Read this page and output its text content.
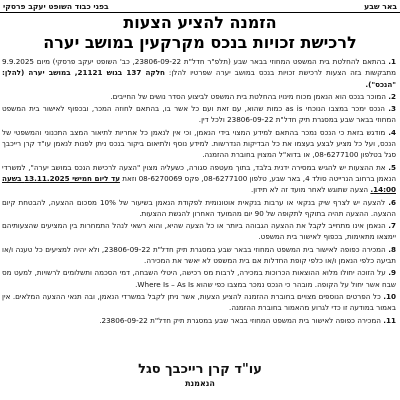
באר שבע
בפני כבוד השופט יעקב פרסקי
הזמנה להציע הצעות
לרכישת זכויות בנכס מקרקעין במושב יערה

1. בהתאם להחלטת בית המשפט המחוזי בבאר שבע (תלפ"ר חדל"ת 23806-09-22, כב' השופט יעקב פרסקי) מיום 9.9.2025 מתבקשות בזה הצעות לרכישת זכויות בנכס במושב יערה שפרטיו להלן: חלקה 137 בגוש 21121, במושב יערה (להלן: "הנכס").

2. המוכר בנכס הוא הנאמן מכוח מינויו בהחלטת בית המשפט לביצוע הסדר נושים של החייבים.

3. הנכס ימכר במצבו הנוכחי as is כמות שהוא, עם זאת ועם כל אשר בו, בהתאם לחוזה המכר, ובכפוף לאישור בית המשפט המחוזי בבאר שבע במסגרת תיק חדל"ת 23806-09-22 ולכל דין.

4. מודגש בזאת כי הנכס נמכר בהתאם למידע המצוי בידי הנאמן, וכי אין לנאמן כל אחריות לתיאור המצב התכנוני והמשפטי של הנכס, ועל כל מציע לבצע בעצמו את כל הבדיקות הנדרשות. למידע נוסף ולתיאום ביקור בנכס ניתן לפנות לנאמן עו"ד קרן רייכבך סגל בטלפון 08-6277100, או בדוא"ל המצוין בחוברת ההזמנה.

5. את ההצעות יש להגיש במסירה ידנית בלבד, בתוך מעטפה סגורה, כשעליה מצוין "הצעה לרכישת הנכס במושב יערה", למשרדי הנאמן ברחוב הנרייטה סולד 4, באר שבע, טלפון 08-6277100, פקס 08-6270069 וזאת עד ליום חמישי 13.11.2025 בשעה 14:00. הצעה שתוגש לאחר מועד זה לא תידון.

6. להצעה יש לצרף שיק בנקאי או ערבות בנקאית אוטונומית לפקודת הנאמן בשיעור של 10% מסכום ההצעה, להבטחת קיום ההצעה. ההצעה תהיה בתוקף לתקופה של 90 יום מהמועד האחרון להגשת ההצעות.

7. הנאמן אינו מתחייב לקבל את ההצעה הגבוהה ביותר או כל הצעה שהיא, והוא רשאי לנהל התמחרות בין המציעים שהצעותיהם יימצאו מתאימות, בכפוף לאישור בית המשפט.

8. המכירה כפופה לאישור בית המשפט המחוזי בבאר שבע במסגרת תיק חדל"ת 23806-09-22, ולא יהיה למציעים כל טענה ו/או תביעה כלפי הנאמן ו/או כלפי קופת החדלות אם בית המשפט לא יאשר את המכירה.

9. על הזוכה יחולו מלוא ההוצאות הכרוכות במכירה, לרבות מס רכישה, היטלי השבחה, דמי הסכמה ותשלומים לרשויות, למעט מס שבח אשר יחול על הקופה. מובהר כי הנכס נמכר במצבו כפי שהוא Where Is – As Is.

10. כל הפרטים הנוספים מצויים בחוברת ההזמנה להציע הצעות, אשר ניתן לקבל במשרדי הנאמן, ובה תנאי ההצעה המלאים. אין באמור במודעה זו כדי לגרוע מהאמור בחוברת ההזמנה.

11. המכירה כפופה לאישור בית המשפט המחוזי בבאר שבע במסגרת תיק חדל"ת 23806-09-22.

עו"ד קרן רייכבך סגל
הנאמנת
